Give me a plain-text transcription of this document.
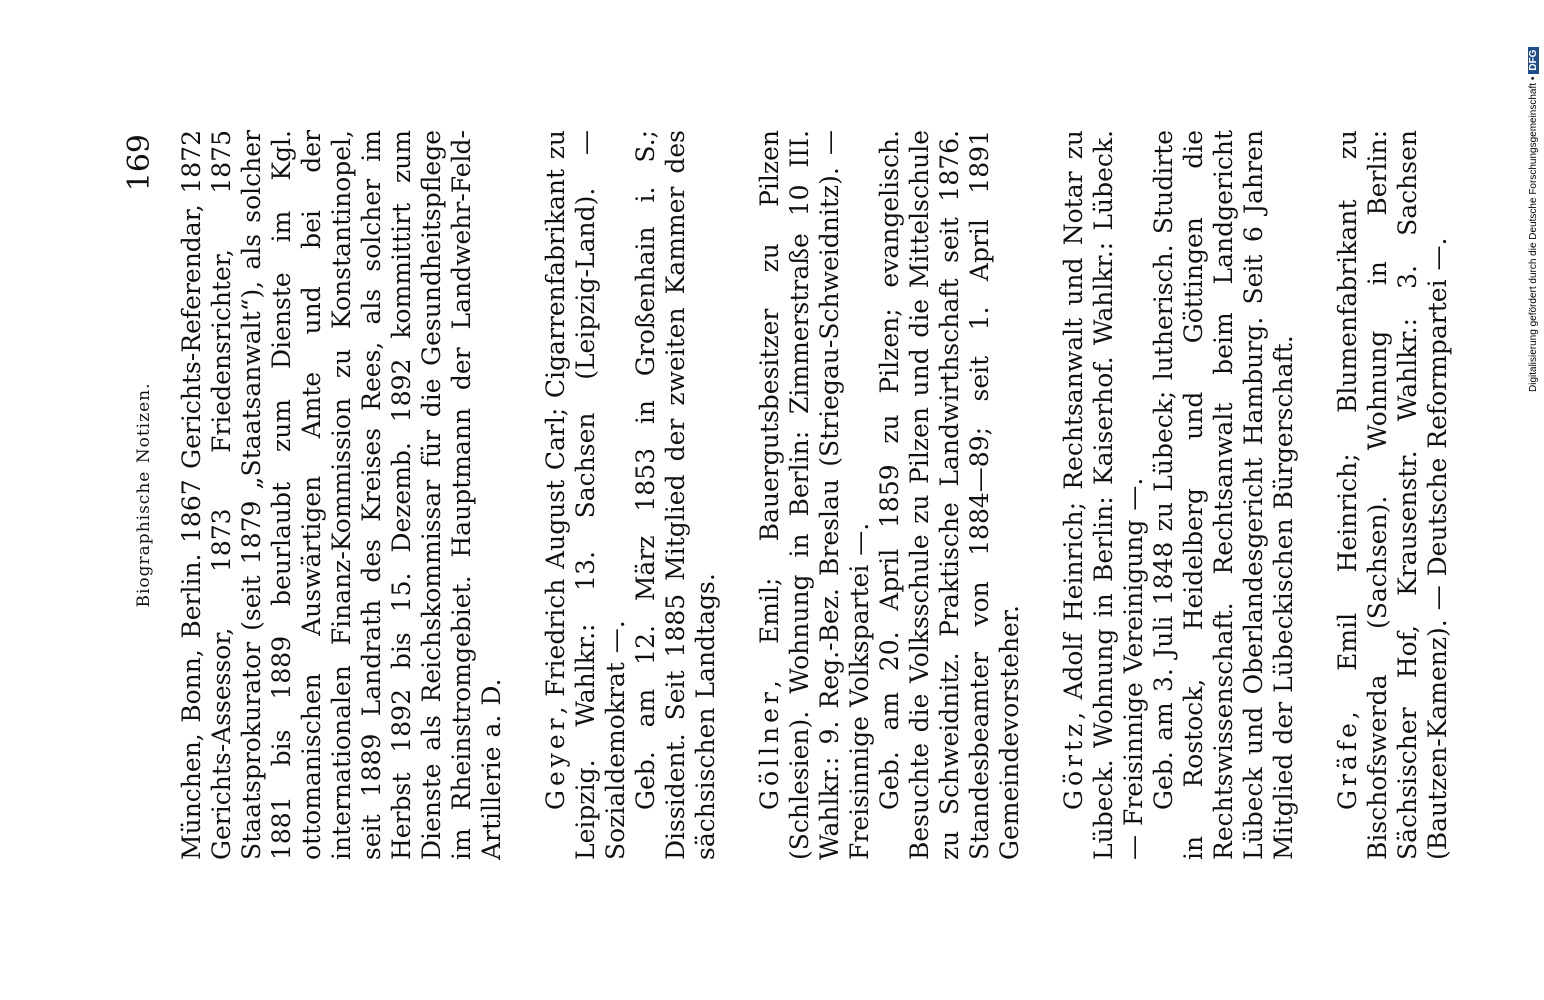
Biographische Notizen.
169 München, Bonn, Berlin. 1867 Gerichts-Referendar, 1872 Gerichts-Assessor, 1873 Friedensrichter, 1875 Staatsprokurator (seit 1879 „Staatsanwalt“), als solcher 1881 bis 1889 beurlaubt zum Dienste im Kgl. ottomanischen Auswärtigen Amte und bei der internationalen Finanz-Kommission zu Konstantinopel, seit 1889 Landrath des Kreises Rees, als solcher im Herbst 1892 bis 15. Dezemb. 1892 kommittirt zum Dienste als Reichskommissar für die Gesundheitspflege im Rheinstromgebiet. Hauptmann der Landwehr-Feld-Artillerie a. D. Geyer, Friedrich August Carl; Cigarrenfabrikant zu Leipzig. Wahlkr.: 13. Sachsen (Leipzig-Land). — Sozialdemokrat —. Geb. am 12. März 1853 in Großenhain i. S.; Dissident. Seit 1885 Mitglied der zweiten Kammer des sächsischen Landtags. Göllner, Emil; Bauergutsbesitzer zu Pilzen (Schlesien). Wohnung in Berlin: Zimmerstraße 10 III. Wahlkr.: 9. Reg.-Bez. Breslau (Striegau-Schweidnitz). — Freisinnige Volkspartei —. Geb. am 20. April 1859 zu Pilzen; evangelisch. Besuchte die Volksschule zu Pilzen und die Mittelschule zu Schweidnitz. Praktische Landwirthschaft seit 1876. Standesbeamter von 1884—89; seit 1. April 1891 Gemeindevorsteher. Görtz, Adolf Heinrich; Rechtsanwalt und Notar zu Lübeck. Wohnung in Berlin: Kaiserhof. Wahlkr.: Lübeck. — Freisinnige Vereinigung —. Geb. am 3. Juli 1848 zu Lübeck; lutherisch. Studirte in Rostock, Heidelberg und Göttingen die Rechtswissenschaft. Rechtsanwalt beim Landgericht Lübeck und Oberlandesgericht Hamburg. Seit 6 Jahren Mitglied der Lübeckischen Bürgerschaft. Gräfe, Emil Heinrich; Blumenfabrikant zu Bischofswerda (Sachsen). Wohnung in Berlin: Sächsischer Hof, Krausenstr. Wahlkr.: 3. Sachsen (Bautzen-Kamenz). — Deutsche Reformpartei —.

Digitalisierung gefördert durch die Deutsche Forschungsgemeinschaft •DFG
